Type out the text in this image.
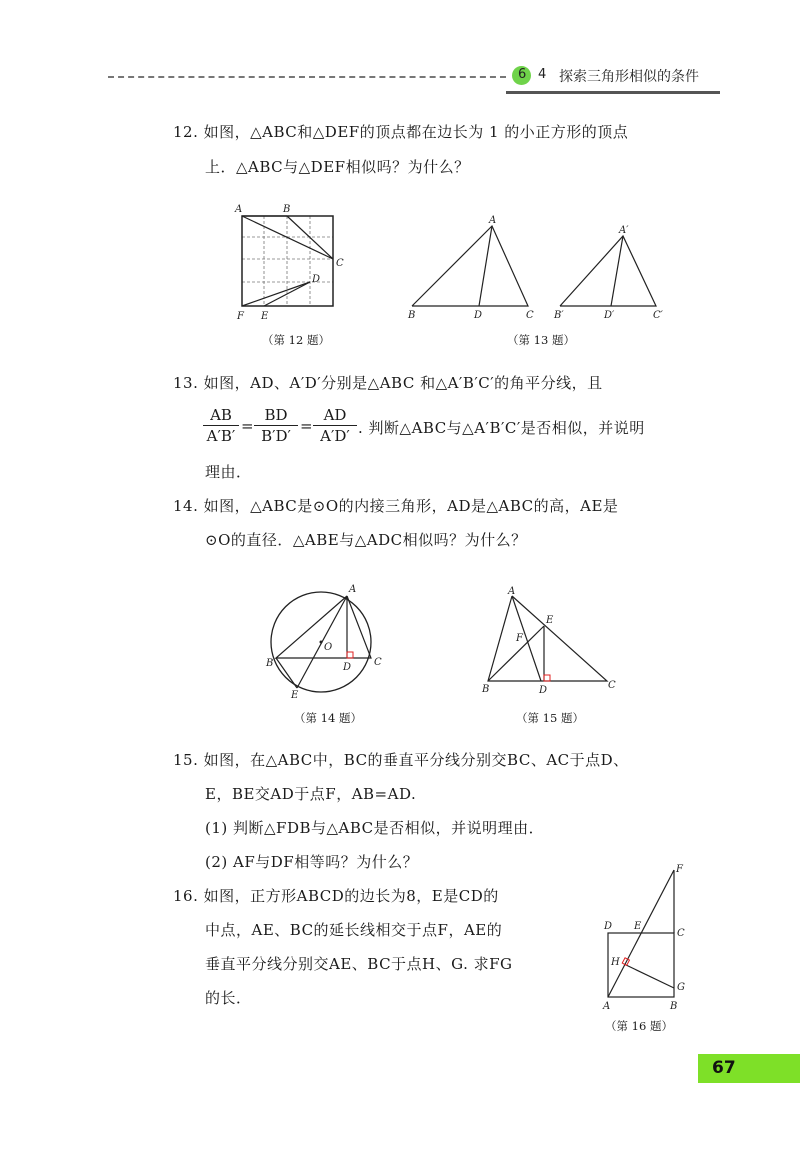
6 4 探索三角形相似的条件
12. 如图，△ABC和△DEF的顶点都在边长为 1 的小正方形的顶点
上．△ABC与△DEF相似吗？为什么？
A	B
C
D
E
F
（第 12 题）
A
B	C
D
A′
B′	C′
D′
（第 13 题）
13. 如图，AD、A′D′分别是△ABC 和△A′B′C′的角平分线，且
AB
A′B′
=
BD
B′D′
=
AD
A′D′ . 判断△ABC与△A′B′C′是否相似，并说明
理由．
14. 如图，△ABC是⊙O的内接三角形，AD是△ABC的高，AE是
⊙O的直径．△ABE与△ADC相似吗？为什么？
A
B	C
D
E
O
（第 14 题）
A
B	C
D
E
F
（第 15 题）
15. 如图，在△ABC中，BC的垂直平分线分别交BC、AC于点D、
E，BE交AD于点F，AB=AD.
(1) 判断△FDB与△ABC是否相似，并说明理由．
(2) AF与DF相等吗？为什么？
16. 如图，正方形ABCD的边长为8，E是CD的
中点，AE、BC的延长线相交于点F，AE的
垂直平分线分别交AE、BC于点H、G. 求FG
的长．
F
D E
C
H
G
A	B
（第 16 题）
67
